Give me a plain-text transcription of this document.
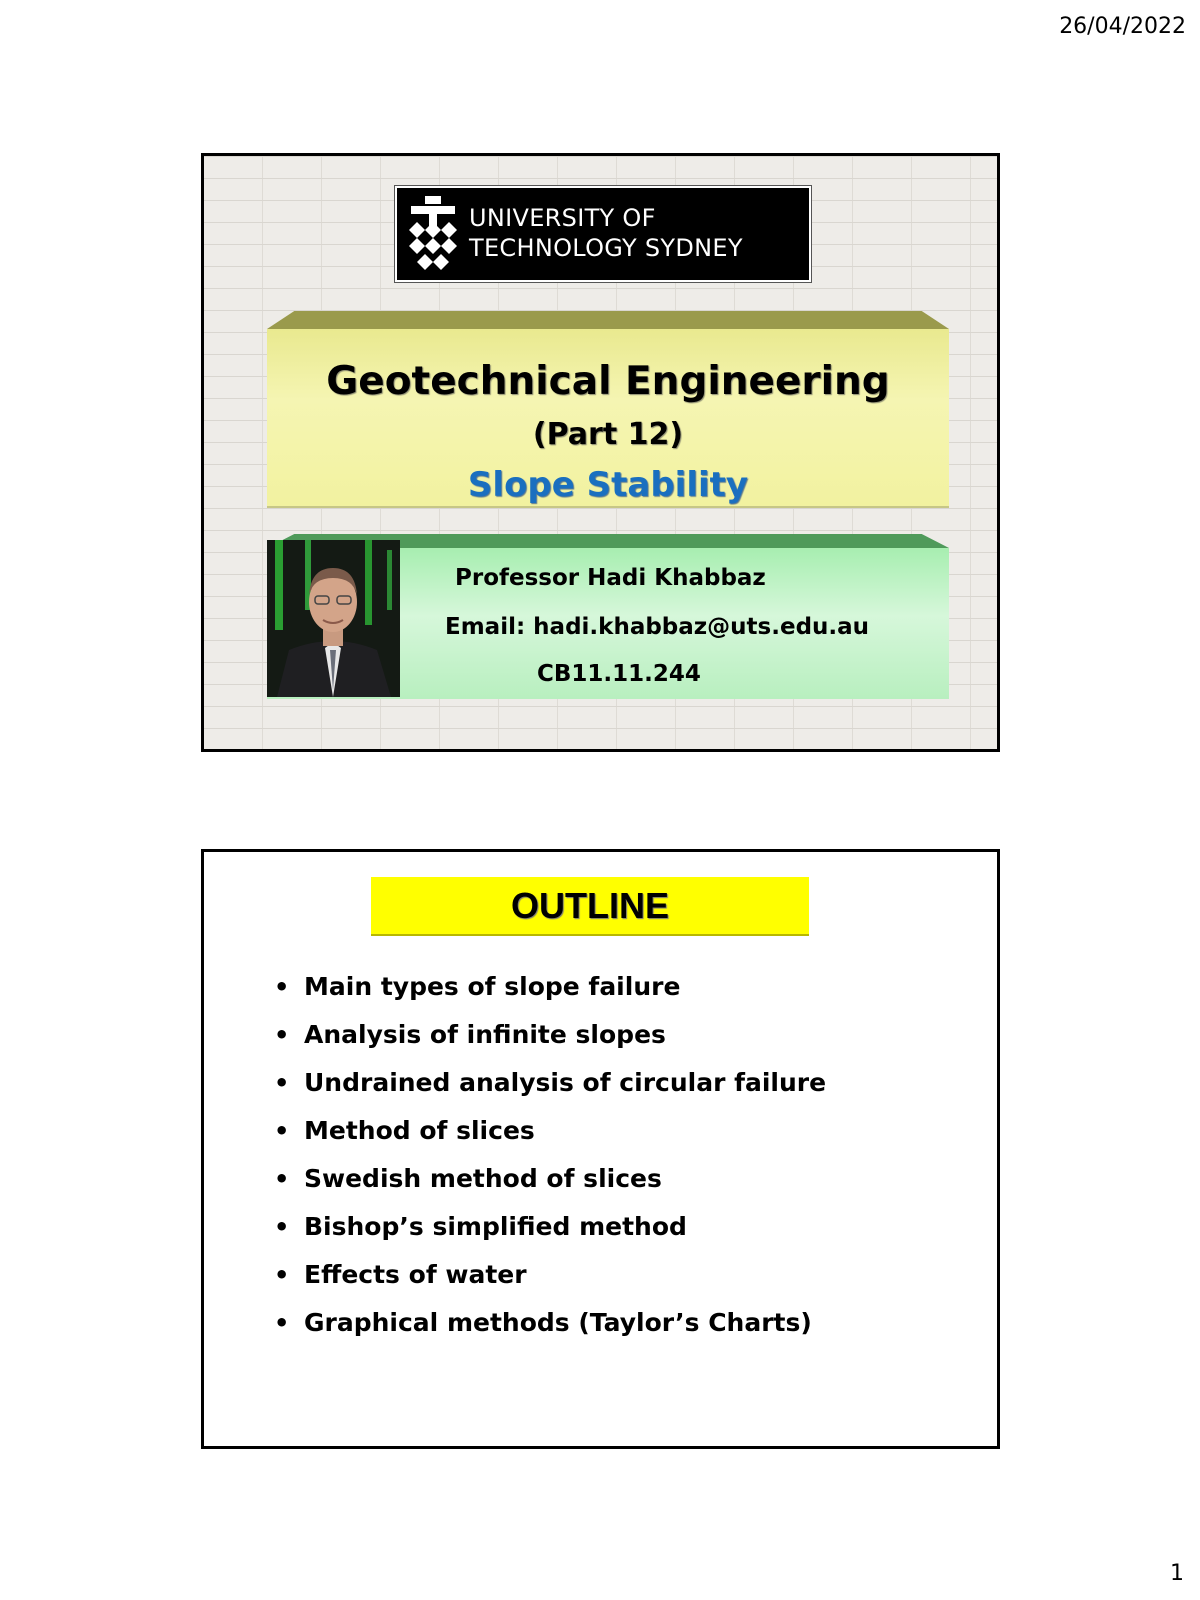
26/04/2022
UNIVERSITY OF
TECHNOLOGY SYDNEY
Geotechnical Engineering
(Part 12)
Slope Stability
Professor Hadi Khabbaz
Email: hadi.khabbaz@uts.edu.au
CB11.11.244
OUTLINE
• Main types of slope failure
• Analysis of infinite slopes
• Undrained analysis of circular failure
• Method of slices
• Swedish method of slices
• Bishop’s simplified method
• Effects of water
• Graphical methods (Taylor’s Charts)
1
